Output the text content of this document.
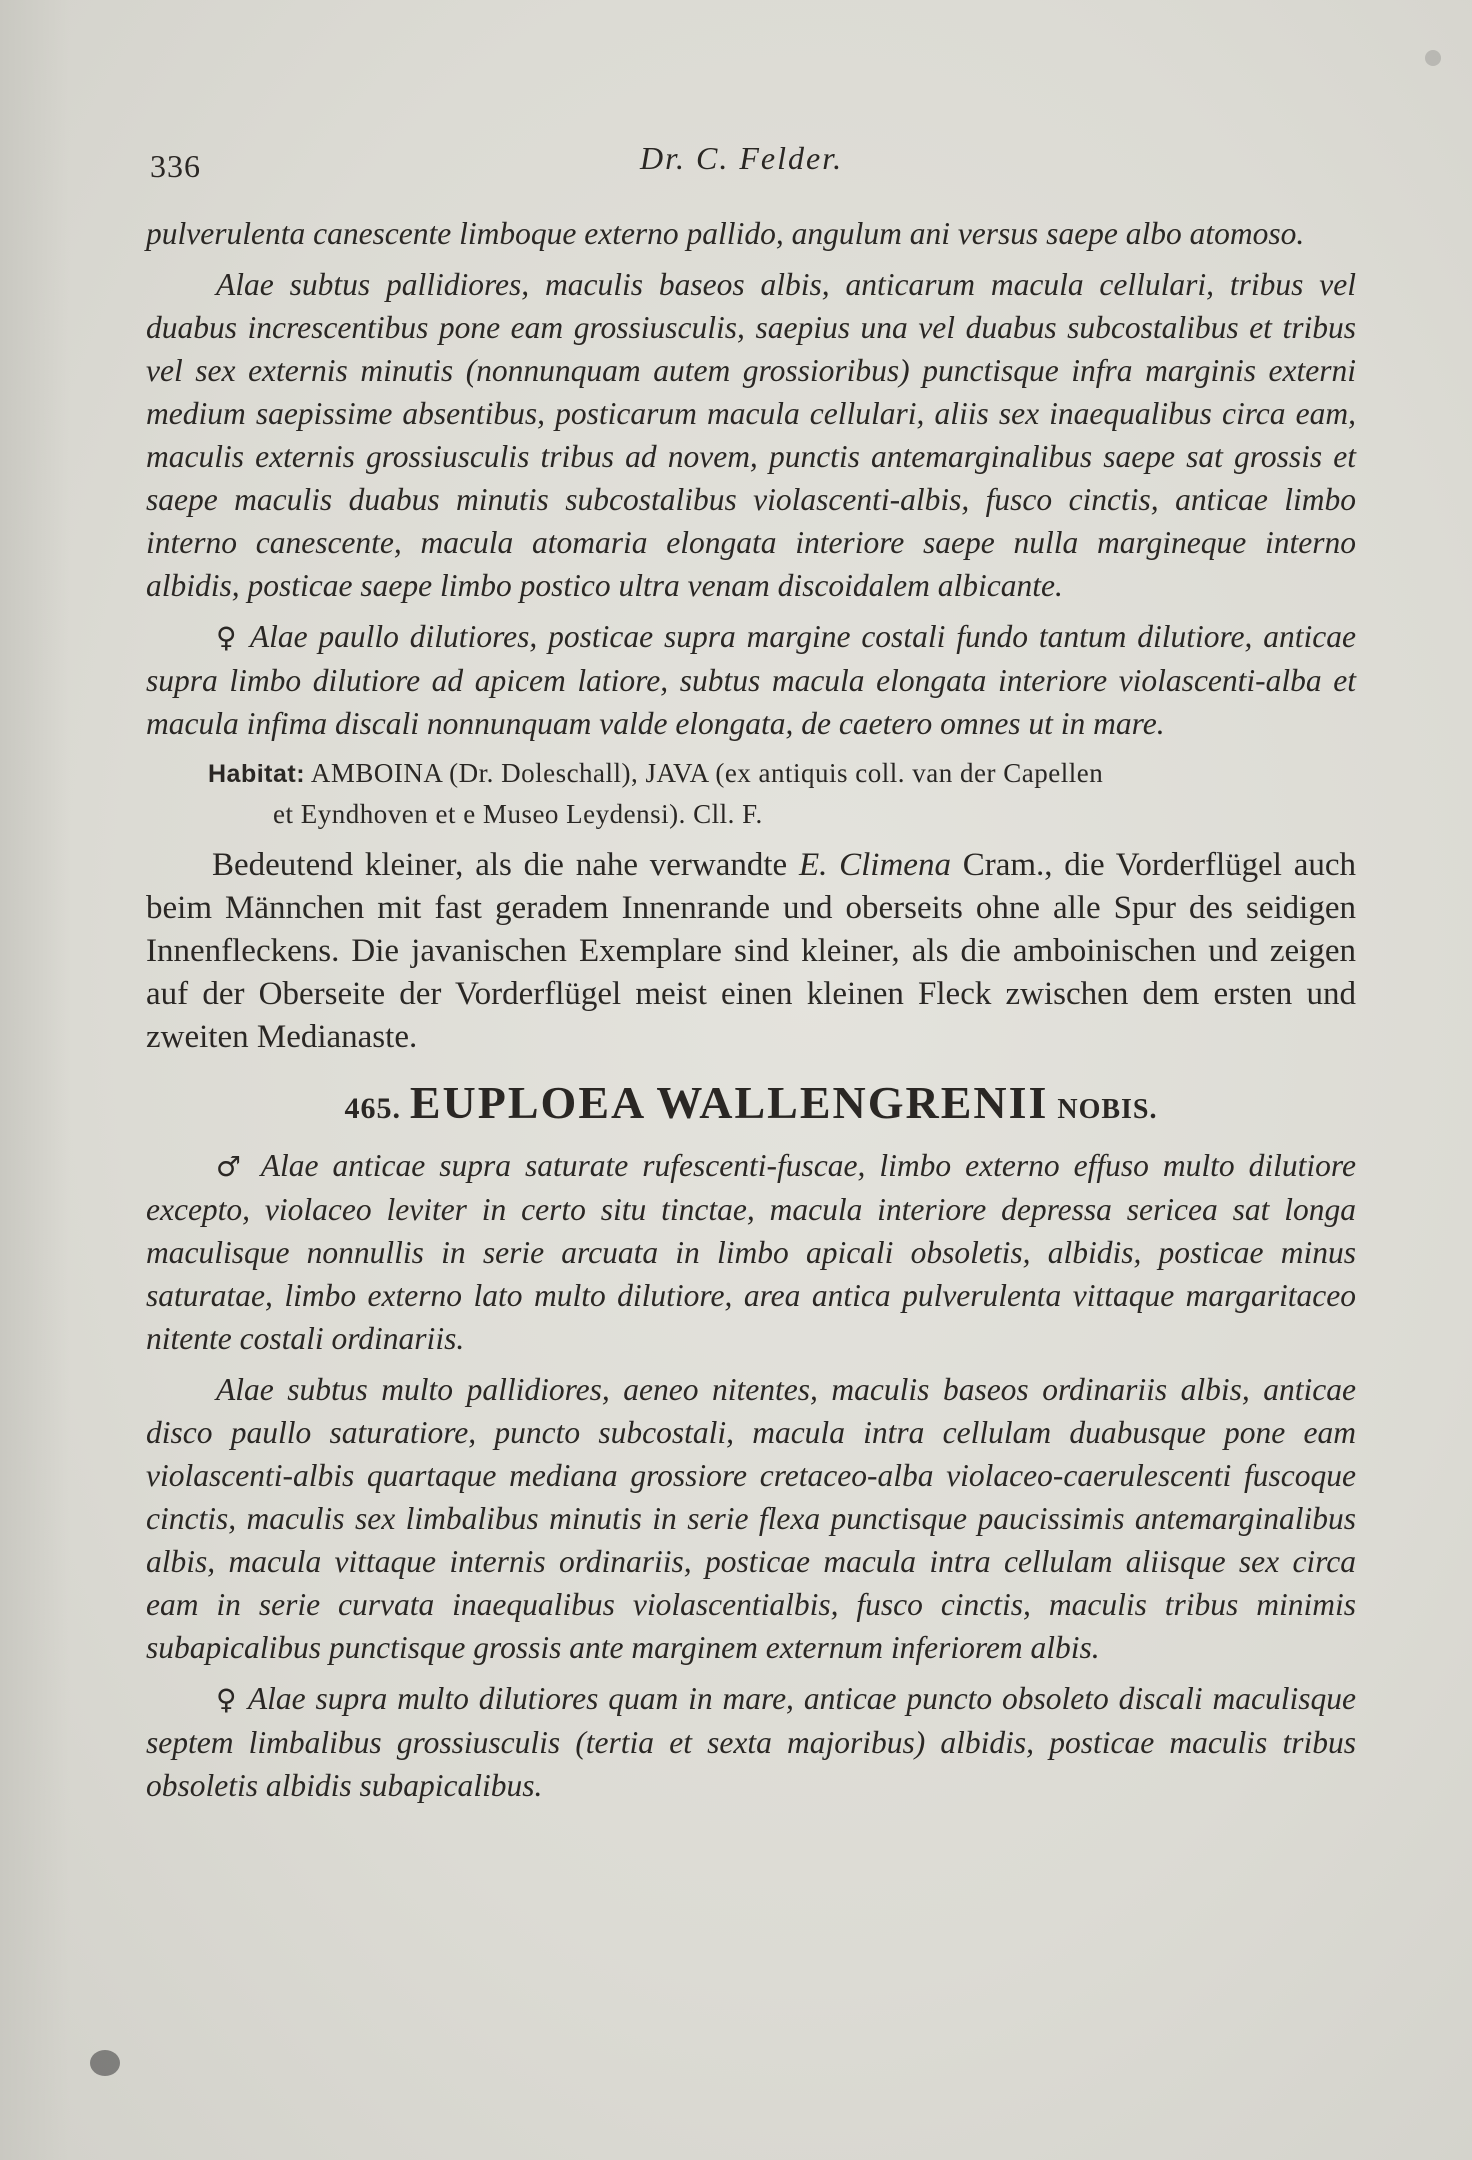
336	Dr. C. Felder.

pulverulenta canescente limboque externo pallido, angulum ani versus saepe albo atomoso.

Alae subtus pallidiores, maculis baseos albis, anticarum macula cellulari, tribus vel duabus increscentibus pone eam grossiusculis, saepius una vel duabus subcostalibus et tribus vel sex externis minutis (nonnunquam autem grossioribus) punctisque infra marginis externi medium saepissime absentibus, posticarum macula cellulari, aliis sex inaequalibus circa eam, maculis externis grossiusculis tribus ad novem, punctis antemarginalibus saepe sat grossis et saepe maculis duabus minutis subcostalibus violascenti-albis, fusco cinctis, anticae limbo interno canescente, macula atomaria elongata interiore saepe nulla margineque interno albidis, posticae saepe limbo postico ultra venam discoidalem albicante.

♀ Alae paullo dilutiores, posticae supra margine costali fundo tantum dilutiore, anticae supra limbo dilutiore ad apicem latiore, subtus macula elongata interiore violascenti-alba et macula infima discali nonnunquam valde elongata, de caetero omnes ut in mare.

Habitat: AMBOINA (Dr. Doleschall), JAVA (ex antiquis coll. van der Capellen
et Eyndhoven et e Museo Leydensi). Cll. F.

Bedeutend kleiner, als die nahe verwandte E. Climena Cram., die Vorderflügel auch beim Männchen mit fast geradem Innenrande und oberseits ohne alle Spur des seidigen Innenfleckens. Die javanischen Exemplare sind kleiner, als die amboinischen und zeigen auf der Oberseite der Vorderflügel meist einen kleinen Fleck zwischen dem ersten und zweiten Medianaste.

465. EUPLOEA WALLENGRENII NOBIS.

♂ Alae anticae supra saturate rufescenti-fuscae, limbo externo effuso multo dilutiore excepto, violaceo leviter in certo situ tinctae, macula interiore depressa sericea sat longa maculisque nonnullis in serie arcuata in limbo apicali obsoletis, albidis, posticae minus saturatae, limbo externo lato multo dilutiore, area antica pulverulenta vittaque margaritaceo nitente costali ordinariis.

Alae subtus multo pallidiores, aeneo nitentes, maculis baseos ordinariis albis, anticae disco paullo saturatiore, puncto subcostali, macula intra cellulam duabusque pone eam violascenti-albis quartaque mediana grossiore cretaceo-alba violaceo-caerulescenti fuscoque cinctis, maculis sex limbalibus minutis in serie flexa punctisque paucissimis antemarginalibus albis, macula vittaque internis ordinariis, posticae macula intra cellulam aliisque sex circa eam in serie curvata inaequalibus violascentialbis, fusco cinctis, maculis tribus minimis subapicalibus punctisque grossis ante marginem externum inferiorem albis.

♀ Alae supra multo dilutiores quam in mare, anticae puncto obsoleto discali maculisque septem limbalibus grossiusculis (tertia et sexta majoribus) albidis, posticae maculis tribus obsoletis albidis subapicalibus.
